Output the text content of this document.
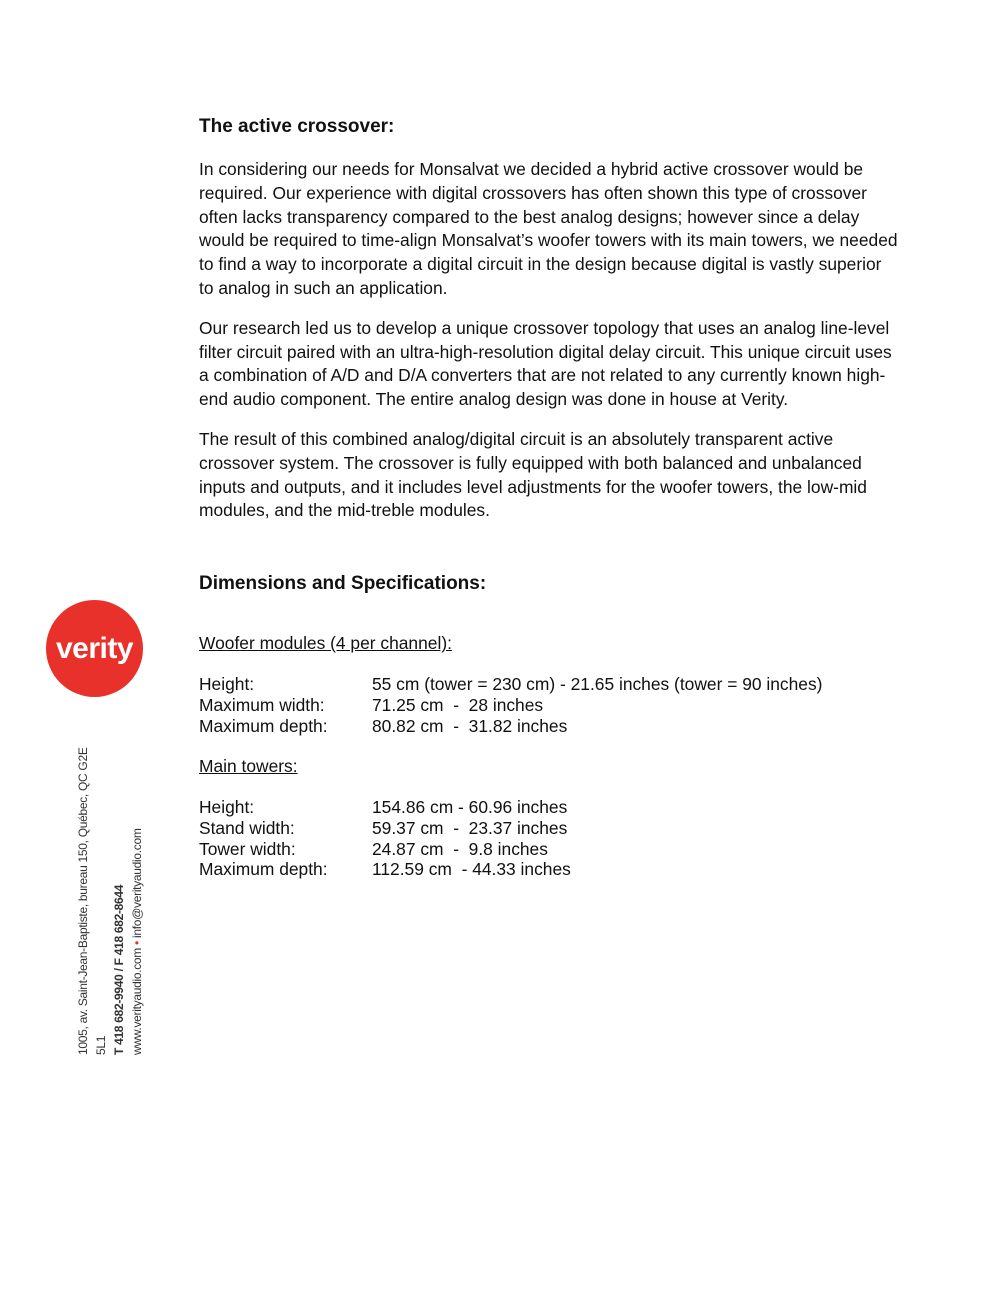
The active crossover:

In considering our needs for Monsalvat we decided a hybrid active crossover would be required. Our experience with digital crossovers has often shown this type of crossover often lacks transparency compared to the best analog designs; however since a delay would be required to time-align Monsalvat’s woofer towers with its main towers, we needed to find a way to incorporate a digital circuit in the design because digital is vastly superior to analog in such an application.

Our research led us to develop a unique crossover topology that uses an analog line-level filter circuit paired with an ultra-high-resolution digital delay circuit. This unique circuit uses a combination of A/D and D/A converters that are not related to any currently known high-end audio component. The entire analog design was done in house at Verity.

The result of this combined analog/digital circuit is an absolutely transparent active crossover system. The crossover is fully equipped with both balanced and unbalanced inputs and outputs, and it includes level adjustments for the woofer towers, the low-mid modules, and the mid-treble modules.

Dimensions and Specifications:
Woofer modules (4 per channel):
Height:	55 cm (tower = 230 cm) - 21.65 inches (tower = 90 inches)
Maximum width:	71.25 cm  -  28 inches
Maximum depth:	80.82 cm  -  31.82 inches
Main towers:
Height:	154.86 cm - 60.96 inches
Stand width:	59.37 cm  -  23.37 inches
Tower width:	24.87 cm  -  9.8 inches
Maximum depth:	112.59 cm  - 44.33 inches
verity
1005, av. Saint-Jean-Baptiste, bureau 150, Québec, QC G2E 5L1 T 418 682-9940 / F 418 682-8644 www.verityaudio.com • info@verityaudio.com
